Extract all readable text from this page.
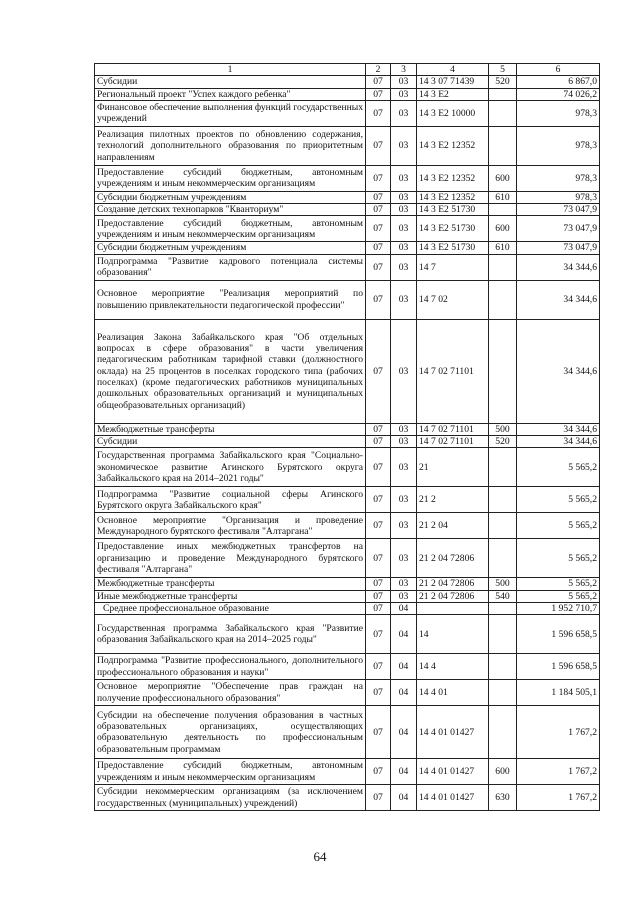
1	2	3	4	5	6
Субсидии	07	03	14 3 07 71439	520	6 867,0
Региональный проект "Успех каждого ребенка"	07	03	14 3 E2		74 026,2
Финансовое обеспечение выполнения функций государственных учреждений	07	03	14 3 E2 10000		978,3
Реализация пилотных проектов по обновлению содержания, технологий дополнительного образования по приоритетным направлениям	07	03	14 3 E2 12352		978,3
Предоставление субсидий бюджетным, автономным учреждениям и иным некоммерческим организациям	07	03	14 3 E2 12352	600	978,3
Субсидии бюджетным учреждениям	07	03	14 3 E2 12352	610	978,3
Создание детских технопарков "Кванториум"	07	03	14 3 E2 51730		73 047,9
Предоставление субсидий бюджетным, автономным учреждениям и иным некоммерческим организациям	07	03	14 3 E2 51730	600	73 047,9
Субсидии бюджетным учреждениям	07	03	14 3 E2 51730	610	73 047,9
Подпрограмма "Развитие кадрового потенциала системы образования"	07	03	14 7		34 344,6
Основное мероприятие "Реализация мероприятий по повышению привлекательности педагогической профессии"	07	03	14 7 02		34 344,6
Реализация Закона Забайкальского края "Об отдельных вопросах в сфере образования" в части увеличения педагогическим работникам тарифной ставки (должностного оклада) на 25 процентов в поселках городского типа (рабочих поселках) (кроме педагогических работников муниципальных дошкольных образовательных организаций и муниципальных общеобразовательных организаций)	07	03	14 7 02 71101		34 344,6
Межбюджетные трансферты	07	03	14 7 02 71101	500	34 344,6
Субсидии	07	03	14 7 02 71101	520	34 344,6
Государственная программа Забайкальского края "Социально-экономическое развитие Агинского Бурятского округа Забайкальского края на 2014–2021 годы"	07	03	21		5 565,2
Подпрограмма "Развитие социальной сферы Агинского Бурятского округа Забайкальского края"	07	03	21 2		5 565,2
Основное мероприятие "Организация и проведение Международного бурятского фестиваля "Алтаргана"	07	03	21 2 04		5 565,2
Предоставление иных межбюджетных трансфертов на организацию и проведение Международного бурятского фестиваля "Алтаргана"	07	03	21 2 04 72806		5 565,2
Межбюджетные трансферты	07	03	21 2 04 72806	500	5 565,2
Иные межбюджетные трансферты	07	03	21 2 04 72806	540	5 565,2
Среднее профессиональное образование	07	04			1 952 710,7
Государственная программа Забайкальского края "Развитие образования Забайкальского края на 2014–2025 годы"	07	04	14		1 596 658,5
Подпрограмма "Развитие профессионального, дополнительного профессионального образования и науки"	07	04	14 4		1 596 658,5
Основное мероприятие "Обеспечение прав граждан на получение профессионального образования"	07	04	14 4 01		1 184 505,1
Субсидии на обеспечение получения образования в частных образовательных организациях, осуществляющих образовательную деятельность по профессиональным образовательным программам	07	04	14 4 01 01427		1 767,2
Предоставление субсидий бюджетным, автономным учреждениям и иным некоммерческим организациям	07	04	14 4 01 01427	600	1 767,2
Субсидии некоммерческим организациям (за исключением государственных (муниципальных) учреждений)	07	04	14 4 01 01427	630	1 767,2
64
